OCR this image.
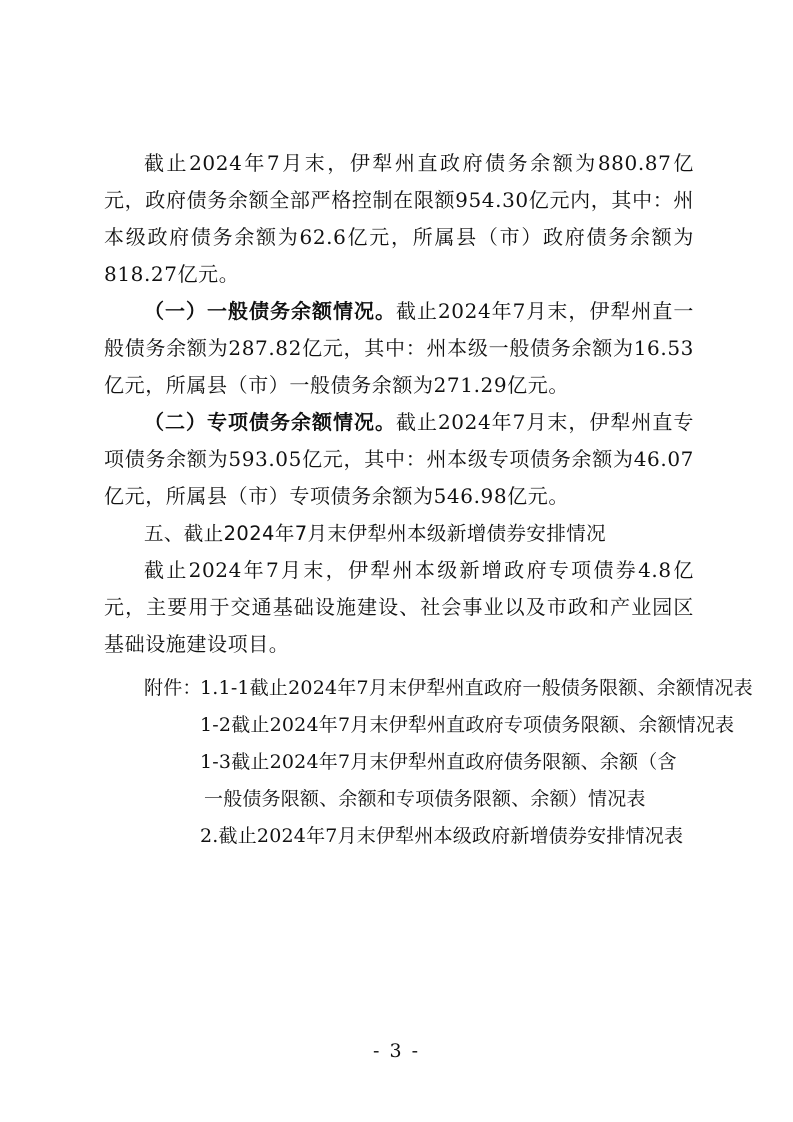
截止2024年7月末，伊犁州直政府债务余额为880.87亿元，政府债务余额全部严格控制在限额954.30亿元内，其中：州本级政府债务余额为62.6亿元，所属县（市）政府债务余额为818.27亿元。

（一）一般债务余额情况。截止2024年7月末，伊犁州直一般债务余额为287.82亿元，其中：州本级一般债务余额为16.53亿元，所属县（市）一般债务余额为271.29亿元。

（二）专项债务余额情况。截止2024年7月末，伊犁州直专项债务余额为593.05亿元，其中：州本级专项债务余额为46.07亿元，所属县（市）专项债务余额为546.98亿元。

五、截止2024年7月末伊犁州本级新增债券安排情况

截止2024年7月末，伊犁州本级新增政府专项债券4.8亿元，主要用于交通基础设施建设、社会事业以及市政和产业园区基础设施建设项目。

附件：
1.1-1截止2024年7月末伊犁州直政府一般债务限额、余额情况表
1-2截止2024年7月末伊犁州直政府专项债务限额、余额情况表
1-3截止2024年7月末伊犁州直政府债务限额、余额（含
一般债务限额、余额和专项债务限额、余额）情况表
2.截止2024年7月末伊犁州本级政府新增债券安排情况表
- 3 -
